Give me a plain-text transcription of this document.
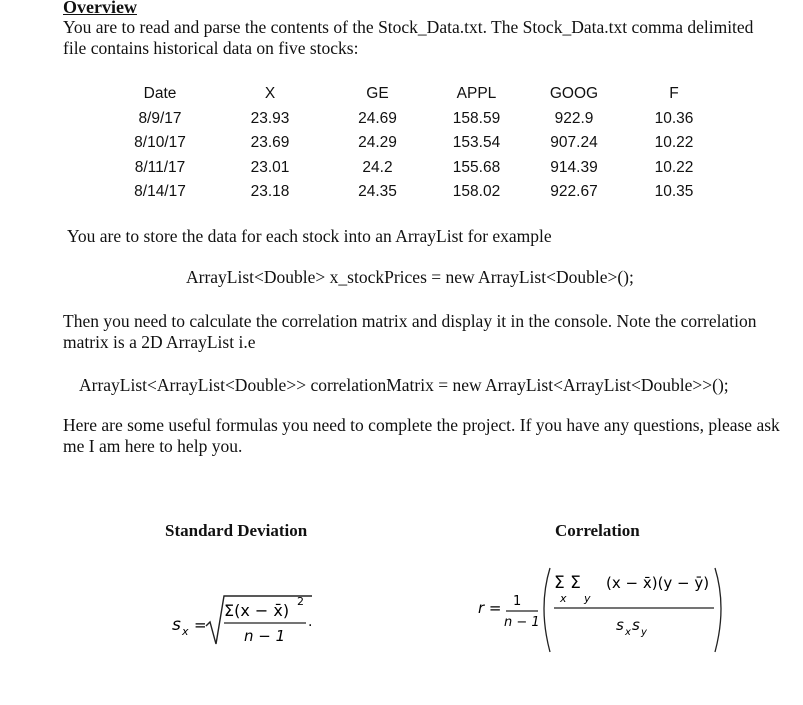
Overview
You are to read and parse the contents of the Stock_Data.txt. The Stock_Data.txt comma delimited file contains historical data on five stocks:
Date	X	GE	APPL	GOOG	F
8/9/17	23.93	24.69	158.59	922.9	10.36
8/10/17	23.69	24.29	153.54	907.24	10.22
8/11/17	23.01	24.2	155.68	914.39	10.22
8/14/17	23.18	24.35	158.02	922.67	10.35
You are to store the data for each stock into an ArrayList for example
ArrayList<Double> x_stockPrices = new ArrayList<Double>();
Then you need to calculate the correlation matrix and display it in the console. Note the correlation matrix is a 2D ArrayList i.e
ArrayList<ArrayList<Double>> correlationMatrix = new ArrayList<ArrayList<Double>>();
Here are some useful formulas you need to complete the project. If you have any questions, please ask me I am here to help you.
Standard Deviation	Correlation
s x =
Σ(x − x̄) 2
n − 1
.
r = 1
n − 1
Σ Σ
x y
(x − x̄)(y − ȳ)
s x s y
